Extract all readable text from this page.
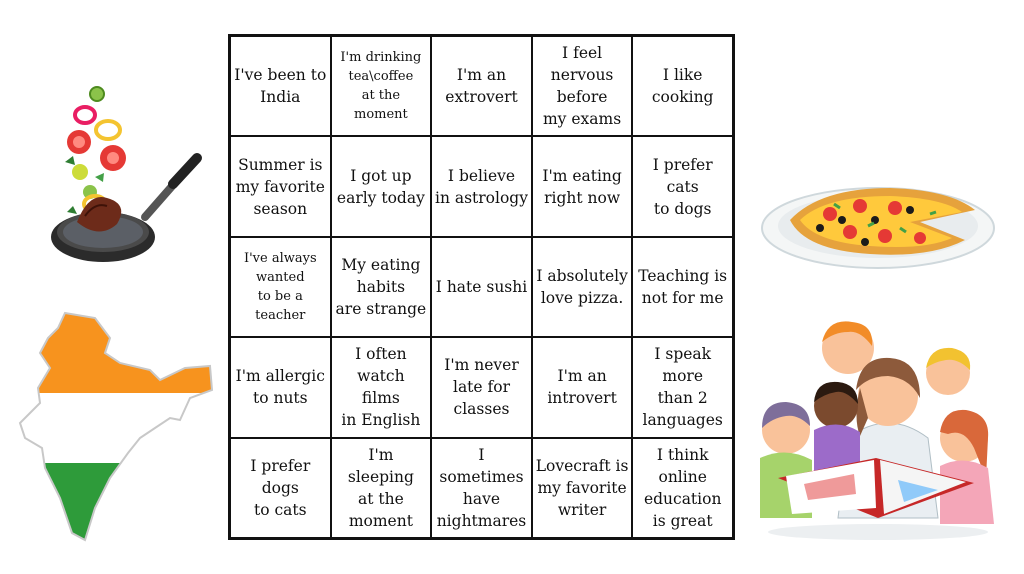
I've been to
India
I'm drinking
tea\coffee
at the moment
I'm an
extrovert
I feel nervous
before
my exams
I like
cooking
Summer is
my favorite
season
I got up
early today
I believe
in astrology
I'm eating
right now
I prefer
cats
to dogs
I've always
wanted
to be a teacher
My eating
habits
are strange
I hate sushi
I absolutely
love pizza.
Teaching is
not for me
I'm allergic
to nuts
I often
watch
films
in English
I'm never
late for
classes
I'm an
introvert
I speak more
than 2
languages
I prefer
dogs
to cats
I'm sleeping
at the
moment
I
sometimes
have
nightmares
Lovecraft is
my favorite
writer
I think
online
education
is great
